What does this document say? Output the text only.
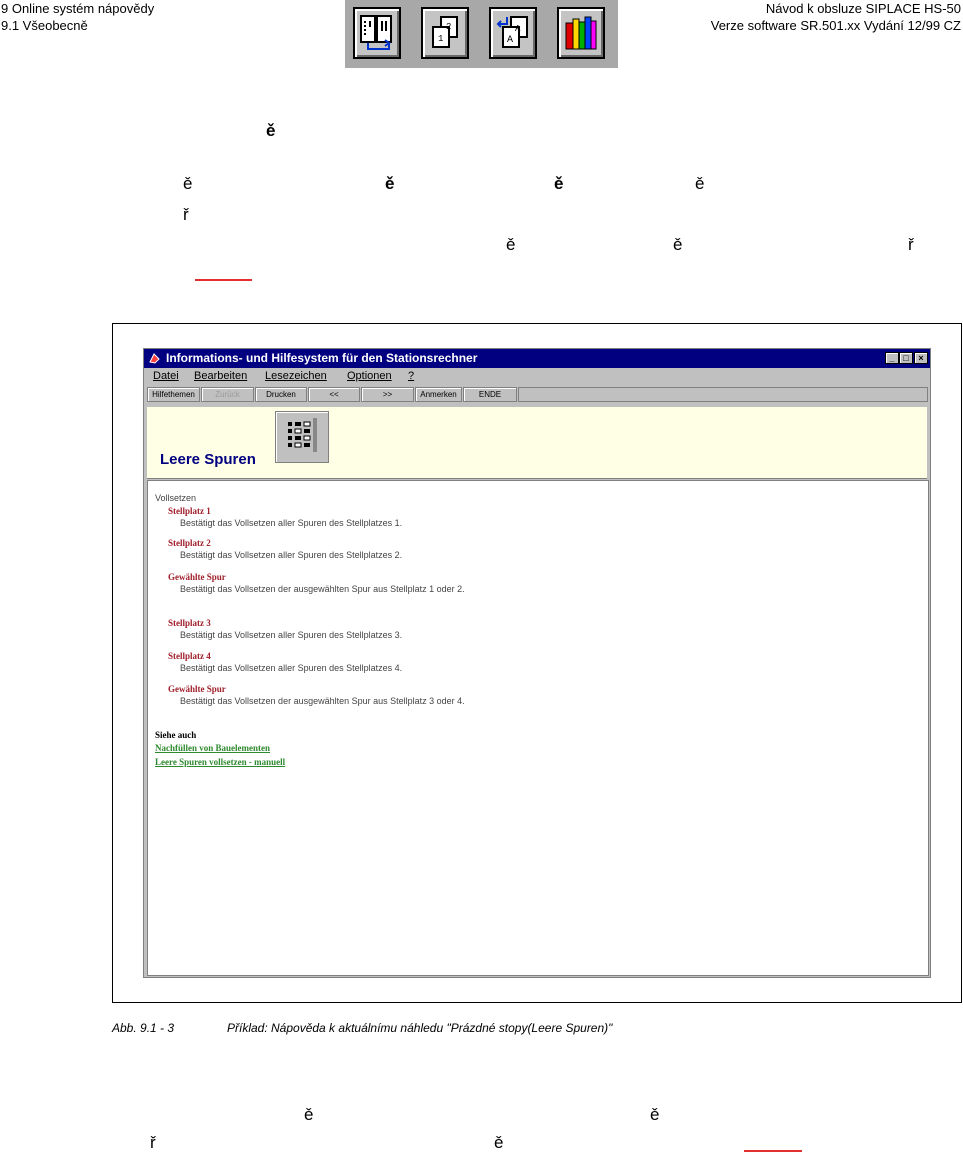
9 Online systém nápovědy
9.1 Všeobecně
Návod k obsluze SIPLACE HS-50
Verze software SR.501.xx Vydání 12/99 CZ
2
1	A
A
ě
ě	ě	ě	ě
ř
ě	ě	ř
Informations- und Hilfesystem für den Stationsrechner	_ □	×
Datei Bearbeiten Lesezeichen Optionen ?
Hilfethemen	Zurück	Drucken	<<	>>	Anmerken	ENDE
Leere Spuren
Vollsetzen
Stellplatz 1
Bestätigt das Vollsetzen aller Spuren des Stellplatzes 1.
Stellplatz 2
Bestätigt das Vollsetzen aller Spuren des Stellplatzes 2.
Gewählte Spur
Bestätigt das Vollsetzen der ausgewählten Spur aus Stellplatz 1 oder 2.
Stellplatz 3
Bestätigt das Vollsetzen aller Spuren des Stellplatzes 3.
Stellplatz 4
Bestätigt das Vollsetzen aller Spuren des Stellplatzes 4.
Gewählte Spur
Bestätigt das Vollsetzen der ausgewählten Spur aus Stellplatz 3 oder 4.
Siehe auch
Nachfüllen von Bauelementen
Leere Spuren vollsetzen - manuell
Abb. 9.1 - 3	Příklad: Nápověda k aktuálnímu náhledu "Prázdné stopy(Leere Spuren)"
ě	ě
ř	ě
